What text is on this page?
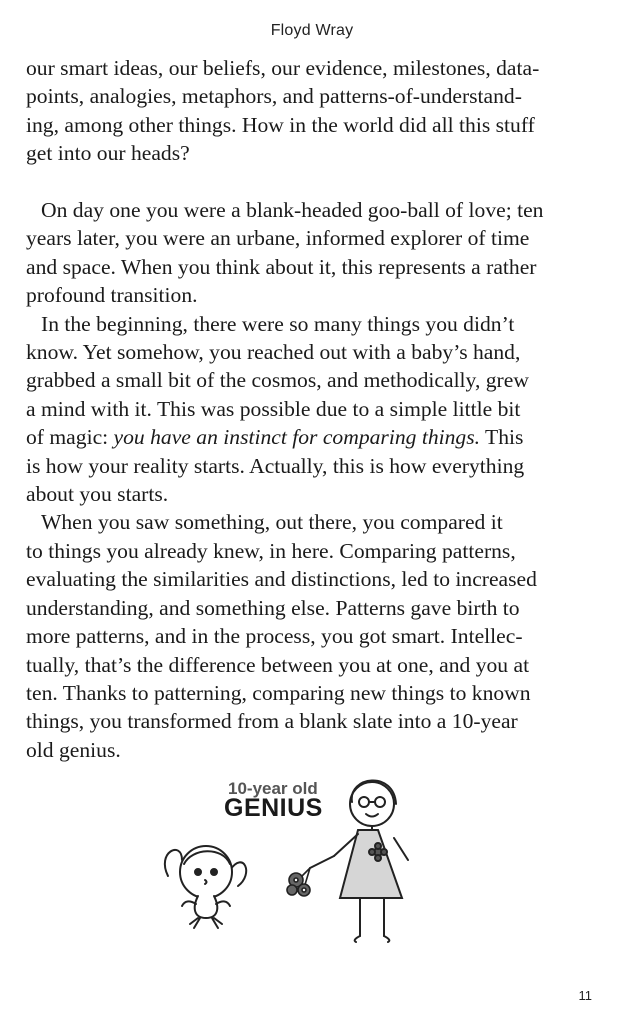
Floyd Wray
our smart ideas, our beliefs, our evidence, milestones, data-
points, analogies, metaphors, and patterns-of-understand-
ing, among other things. How in the world did all this stuff
get into our heads?
On day one you were a blank-headed goo-ball of love; ten
years later, you were an urbane, informed explorer of time
and space. When you think about it, this represents a rather
profound transition.
In the beginning, there were so many things you didn’t
know. Yet somehow, you reached out with a baby’s hand,
grabbed a small bit of the cosmos, and methodically, grew
a mind with it. This was possible due to a simple little bit
of magic: you have an instinct for comparing things. This
is how your reality starts. Actually, this is how everything
about you starts.
When you saw something, out there, you compared it
to things you already knew, in here. Comparing patterns,
evaluating the similarities and distinctions, led to increased
understanding, and something else. Patterns gave birth to
more patterns, and in the process, you got smart. Intellec-
tually, that’s the difference between you at one, and you at
ten. Thanks to patterning, comparing new things to known
things, you transformed from a blank slate into a 10-year
old genius.
10-year old
GENIUS
11
